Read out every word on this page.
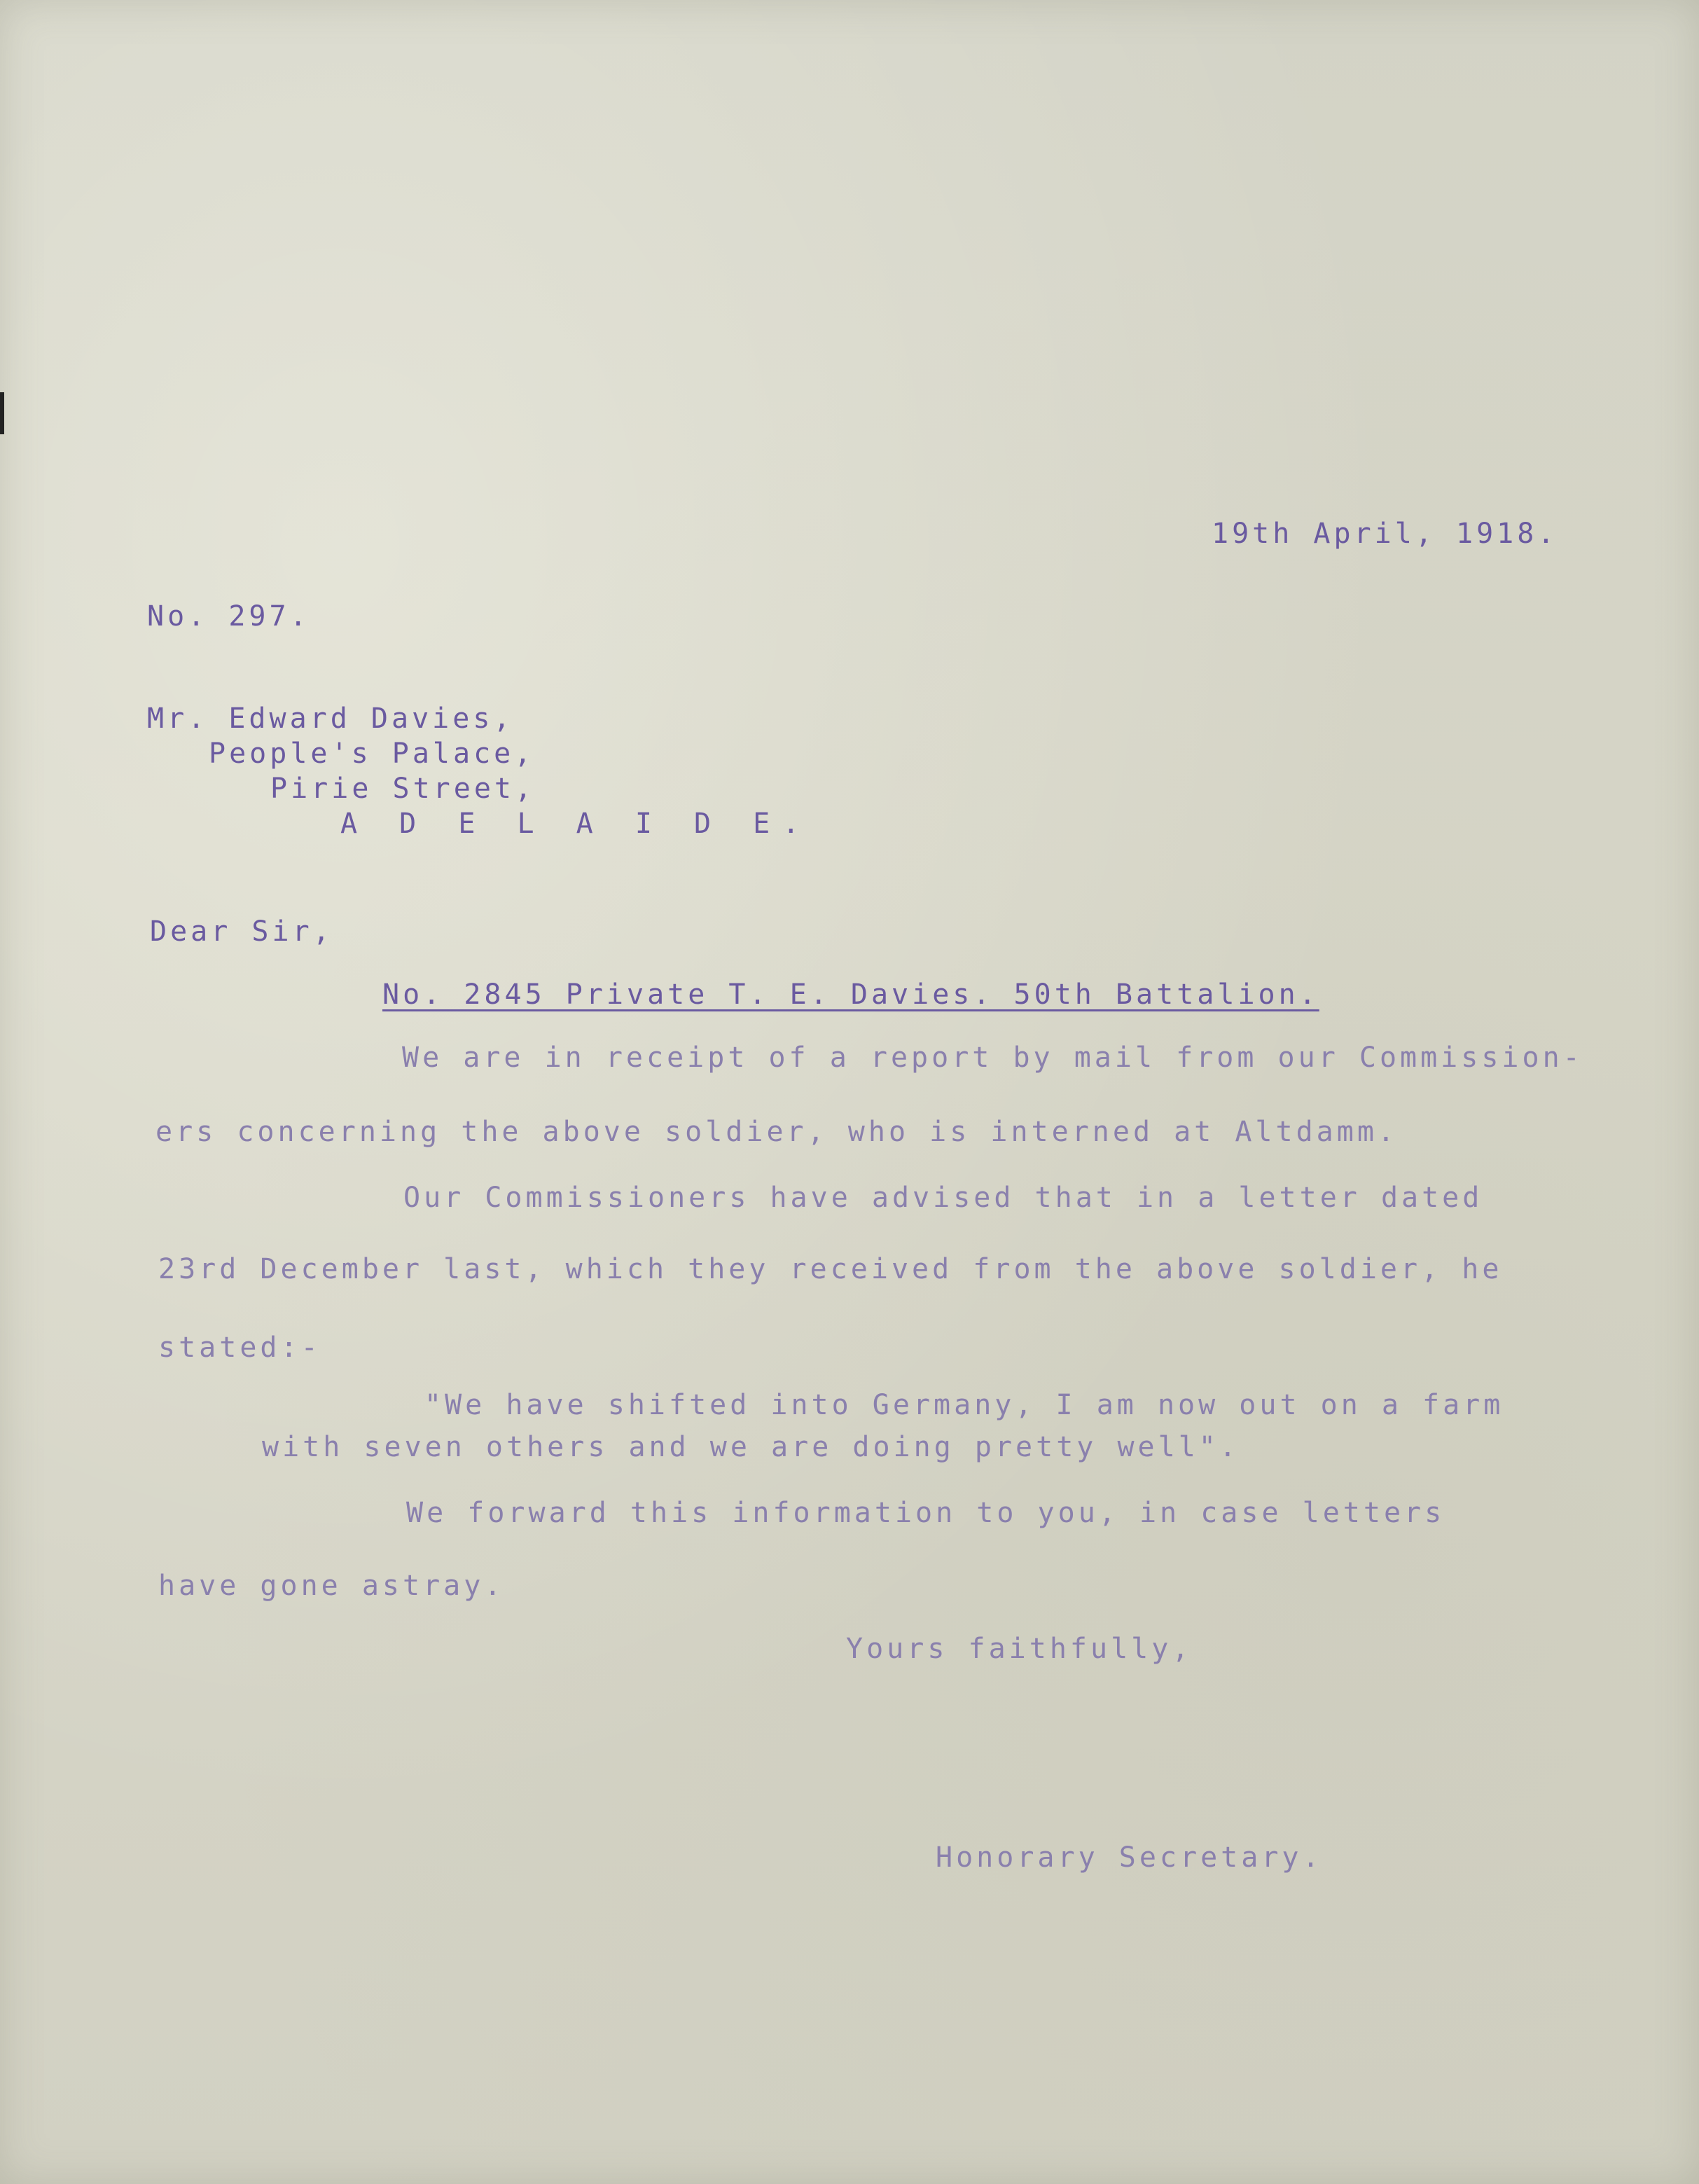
19th April, 1918.
No. 297.
Mr. Edward Davies,
People's Palace,
Pirie Street,
A D E L A I D E.
Dear Sir,
No. 2845 Private T. E. Davies. 50th Battalion.
We are in receipt of a report by mail from our Commission-
ers concerning the above soldier, who is interned at Altdamm.
Our Commissioners have advised that in a letter dated
23rd December last, which they received from the above soldier, he
stated:-
"We have shifted into Germany, I am now out on a farm
with seven others and we are doing pretty well".
We forward this information to you, in case letters
have gone astray.
Yours faithfully,
Honorary Secretary.
